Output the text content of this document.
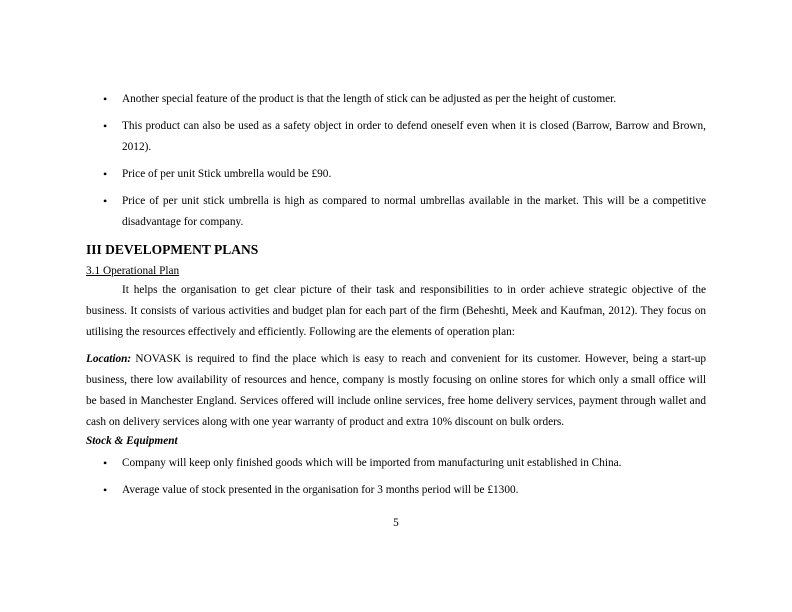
• Another special feature of the product is that the length of stick can be adjusted as per the height of customer.
• This product can also be used as a safety object in order to defend oneself even when it is closed (Barrow, Barrow and Brown, 2012).
• Price of per unit Stick umbrella would be £90.
• Price of per unit stick umbrella is high as compared to normal umbrellas available in the market. This will be a competitive disadvantage for company.
III DEVELOPMENT PLANS
3.1 Operational Plan

It helps the organisation to get clear picture of their task and responsibilities to in order achieve strategic objective of the business. It consists of various activities and budget plan for each part of the firm (Beheshti, Meek and Kaufman, 2012). They focus on utilising the resources effectively and efficiently. Following are the elements of operation plan:

Location: NOVASK is required to find the place which is easy to reach and convenient for its customer. However, being a start-up business, there low availability of resources and hence, company is mostly focusing on online stores for which only a small office will be based in Manchester England. Services offered will include online services, free home delivery services, payment through wallet and cash on delivery services along with one year warranty of product and extra 10% discount on bulk orders.

Stock & Equipment
• Company will keep only finished goods which will be imported from manufacturing unit established in China.
• Average value of stock presented in the organisation for 3 months period will be £1300.
5
